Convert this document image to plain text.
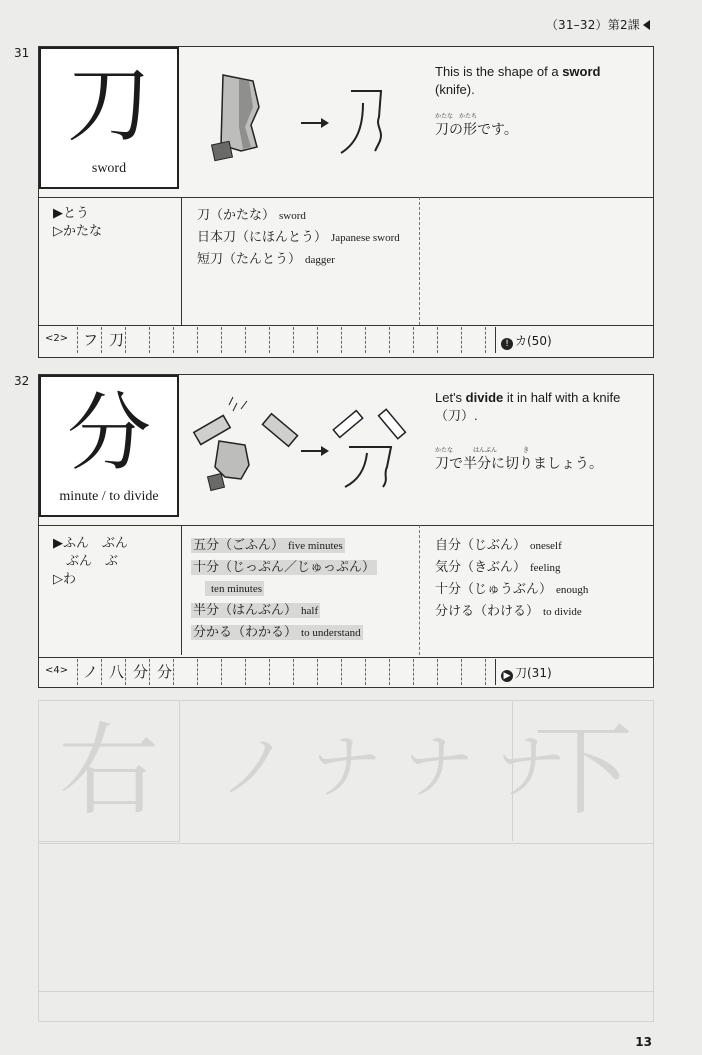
（31–32）第2課
右 ノ ナ ナ ナ
下
31
刀
sword
This is the shape of a sword
(knife).
かたな かたち
刀の形です。
▶とう
▷かたな
刀（かたな） sword
日本刀（にほんとう） Japanese sword
短刀（たんとう） dagger
<2> フ 刀	! カ(50)
32
分
minute / to divide
Let's divide it in half with a knife
（刀）.
かたな	はんぶん	き
刀で半分に切りましょう。
▶ふん　ぶん
　ぶん　ぶ
▷わ
五分（ごふん） five minutes
十分（じっぷん／じゅっぷん）
ten minutes
半分（はんぶん） half
分かる（わかる） to understand
自分（じぶん） oneself
気分（きぶん） feeling
十分（じゅうぶん） enough
分ける（わける） to divide
<4> ノ 八 分 分	▶ 刀(31)
13
